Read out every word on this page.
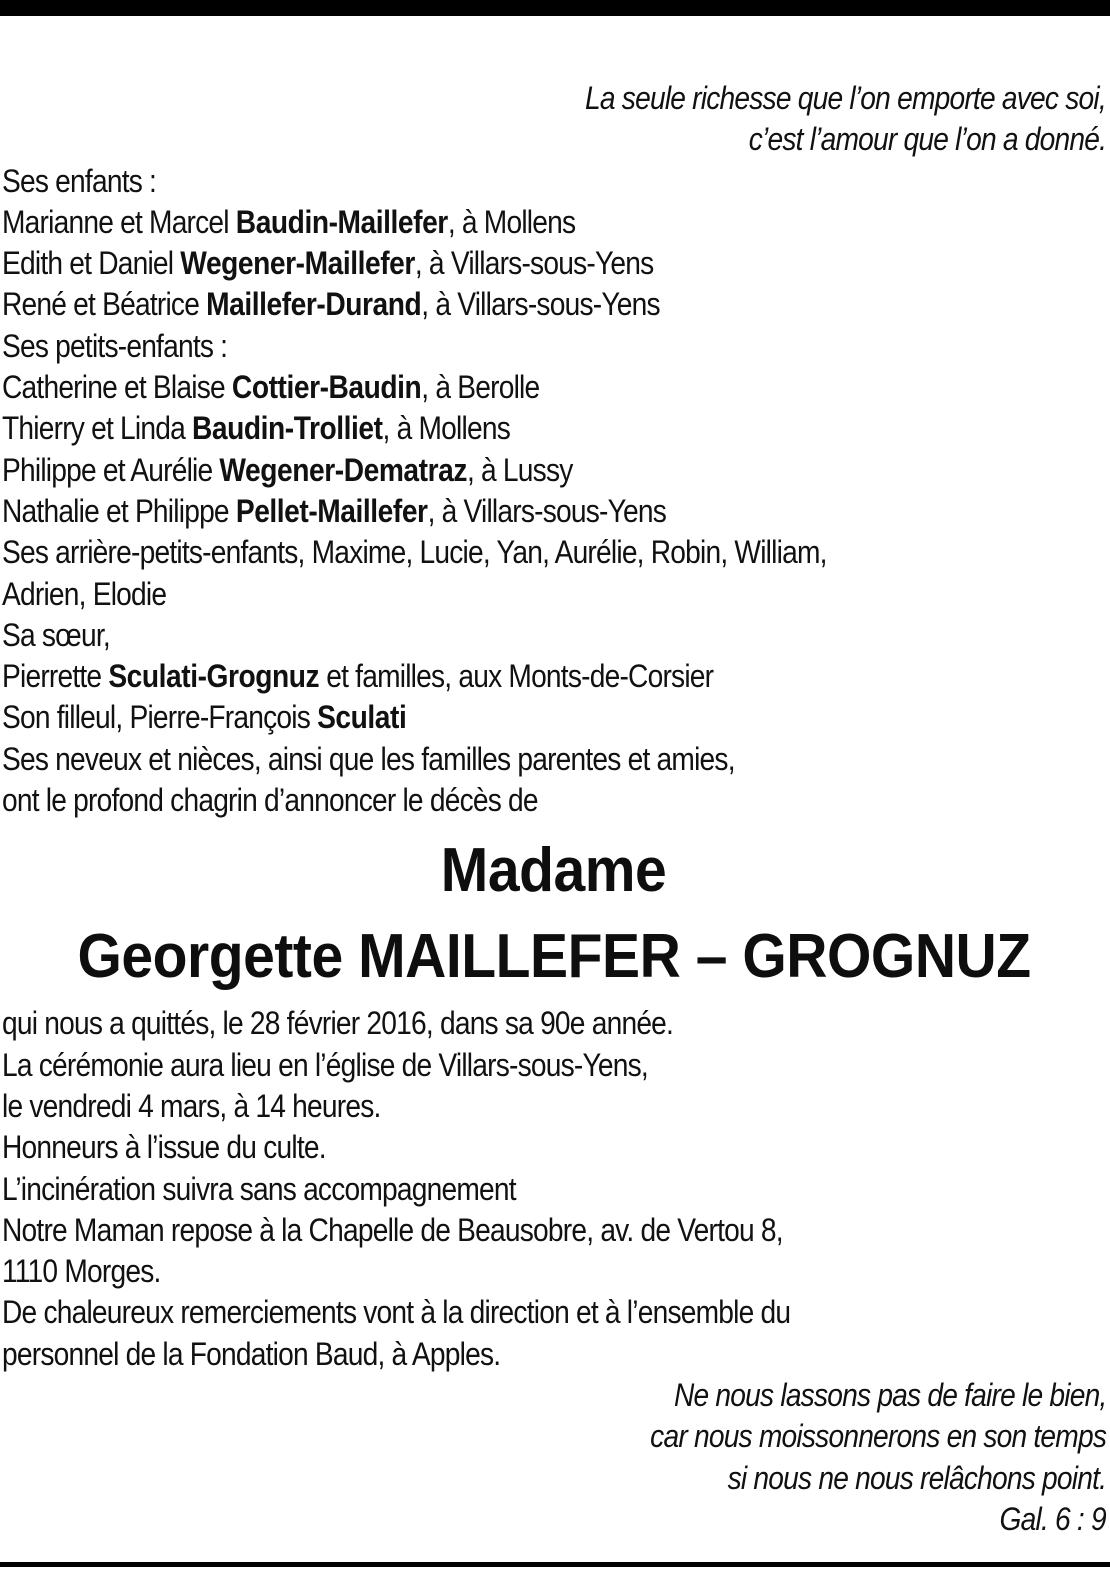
La seule richesse que l’on emporte avec soi,
c’est l’amour que l’on a donné.
Ses enfants :
Marianne et Marcel Baudin-Maillefer, à Mollens
Edith et Daniel Wegener-Maillefer, à Villars-sous-Yens
René et Béatrice Maillefer-Durand, à Villars-sous-Yens
Ses petits-enfants :
Catherine et Blaise Cottier-Baudin, à Berolle
Thierry et Linda Baudin-Trolliet, à Mollens
Philippe et Aurélie Wegener-Dematraz, à Lussy
Nathalie et Philippe Pellet-Maillefer, à Villars-sous-Yens
Ses arrière-petits-enfants, Maxime, Lucie, Yan, Aurélie, Robin, William,
Adrien, Elodie
Sa sœur,
Pierrette Sculati-Grognuz et familles, aux Monts-de-Corsier
Son filleul, Pierre-François Sculati
Ses neveux et nièces, ainsi que les familles parentes et amies,
ont le profond chagrin d’annoncer le décès de
Madame
Georgette MAILLEFER – GROGNUZ
qui nous a quittés, le 28 février 2016, dans sa 90e année.
La cérémonie aura lieu en l’église de Villars-sous-Yens,
le vendredi 4 mars, à 14 heures.
Honneurs à l’issue du culte.
L’incinération suivra sans accompagnement
Notre Maman repose à la Chapelle de Beausobre, av. de Vertou 8,
1110 Morges.
De chaleureux remerciements vont à la direction et à l’ensemble du
personnel de la Fondation Baud, à Apples.
Ne nous lassons pas de faire le bien,
car nous moissonnerons en son temps
si nous ne nous relâchons point.
Gal. 6 : 9
